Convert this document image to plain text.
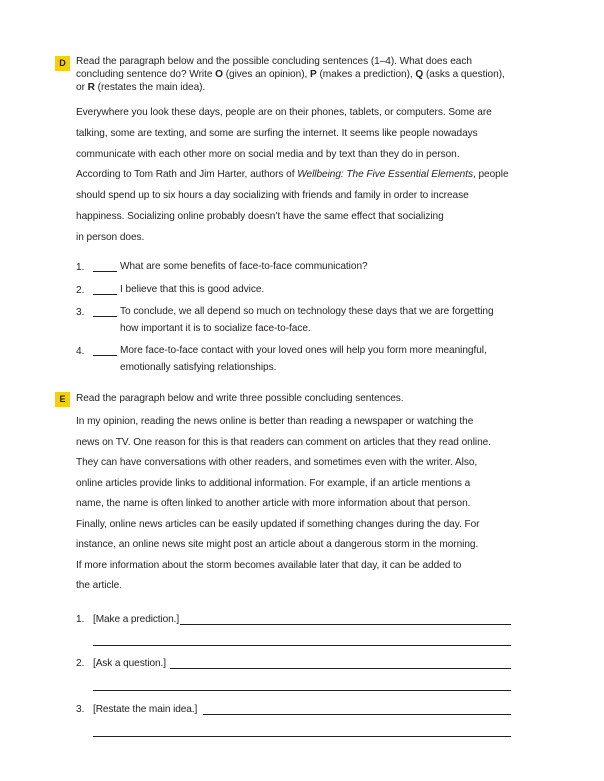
D	Read the paragraph below and the possible concluding sentences (1–4). What does each
concluding sentence do? Write O (gives an opinion), P (makes a prediction), Q (asks a question),
or R (restates the main idea).
Everywhere you look these days, people are on their phones, tablets, or computers. Some are
talking, some are texting, and some are surfing the internet. It seems like people nowadays
communicate with each other more on social media and by text than they do in person.
According to Tom Rath and Jim Harter, authors of Wellbeing: The Five Essential Elements, people
should spend up to six hours a day socializing with friends and family in order to increase
happiness. Socializing online probably doesn’t have the same effect that socializing
in person does.
1.	What are some benefits of face-to-face communication?
2.	I believe that this is good advice.
3.	To conclude, we all depend so much on technology these days that we are forgetting
how important it is to socialize face-to-face.
4.	More face-to-face contact with your loved ones will help you form more meaningful,
emotionally satisfying relationships.
E	Read the paragraph below and write three possible concluding sentences.
In my opinion, reading the news online is better than reading a newspaper or watching the
news on TV. One reason for this is that readers can comment on articles that they read online.
They can have conversations with other readers, and sometimes even with the writer. Also,
online articles provide links to additional information. For example, if an article mentions a
name, the name is often linked to another article with more information about that person.
Finally, online news articles can be easily updated if something changes during the day. For
instance, an online news site might post an article about a dangerous storm in the morning.
If more information about the storm becomes available later that day, it can be added to
the article.
1. [Make a prediction.]
2. [Ask a question.]
3. [Restate the main idea.]
